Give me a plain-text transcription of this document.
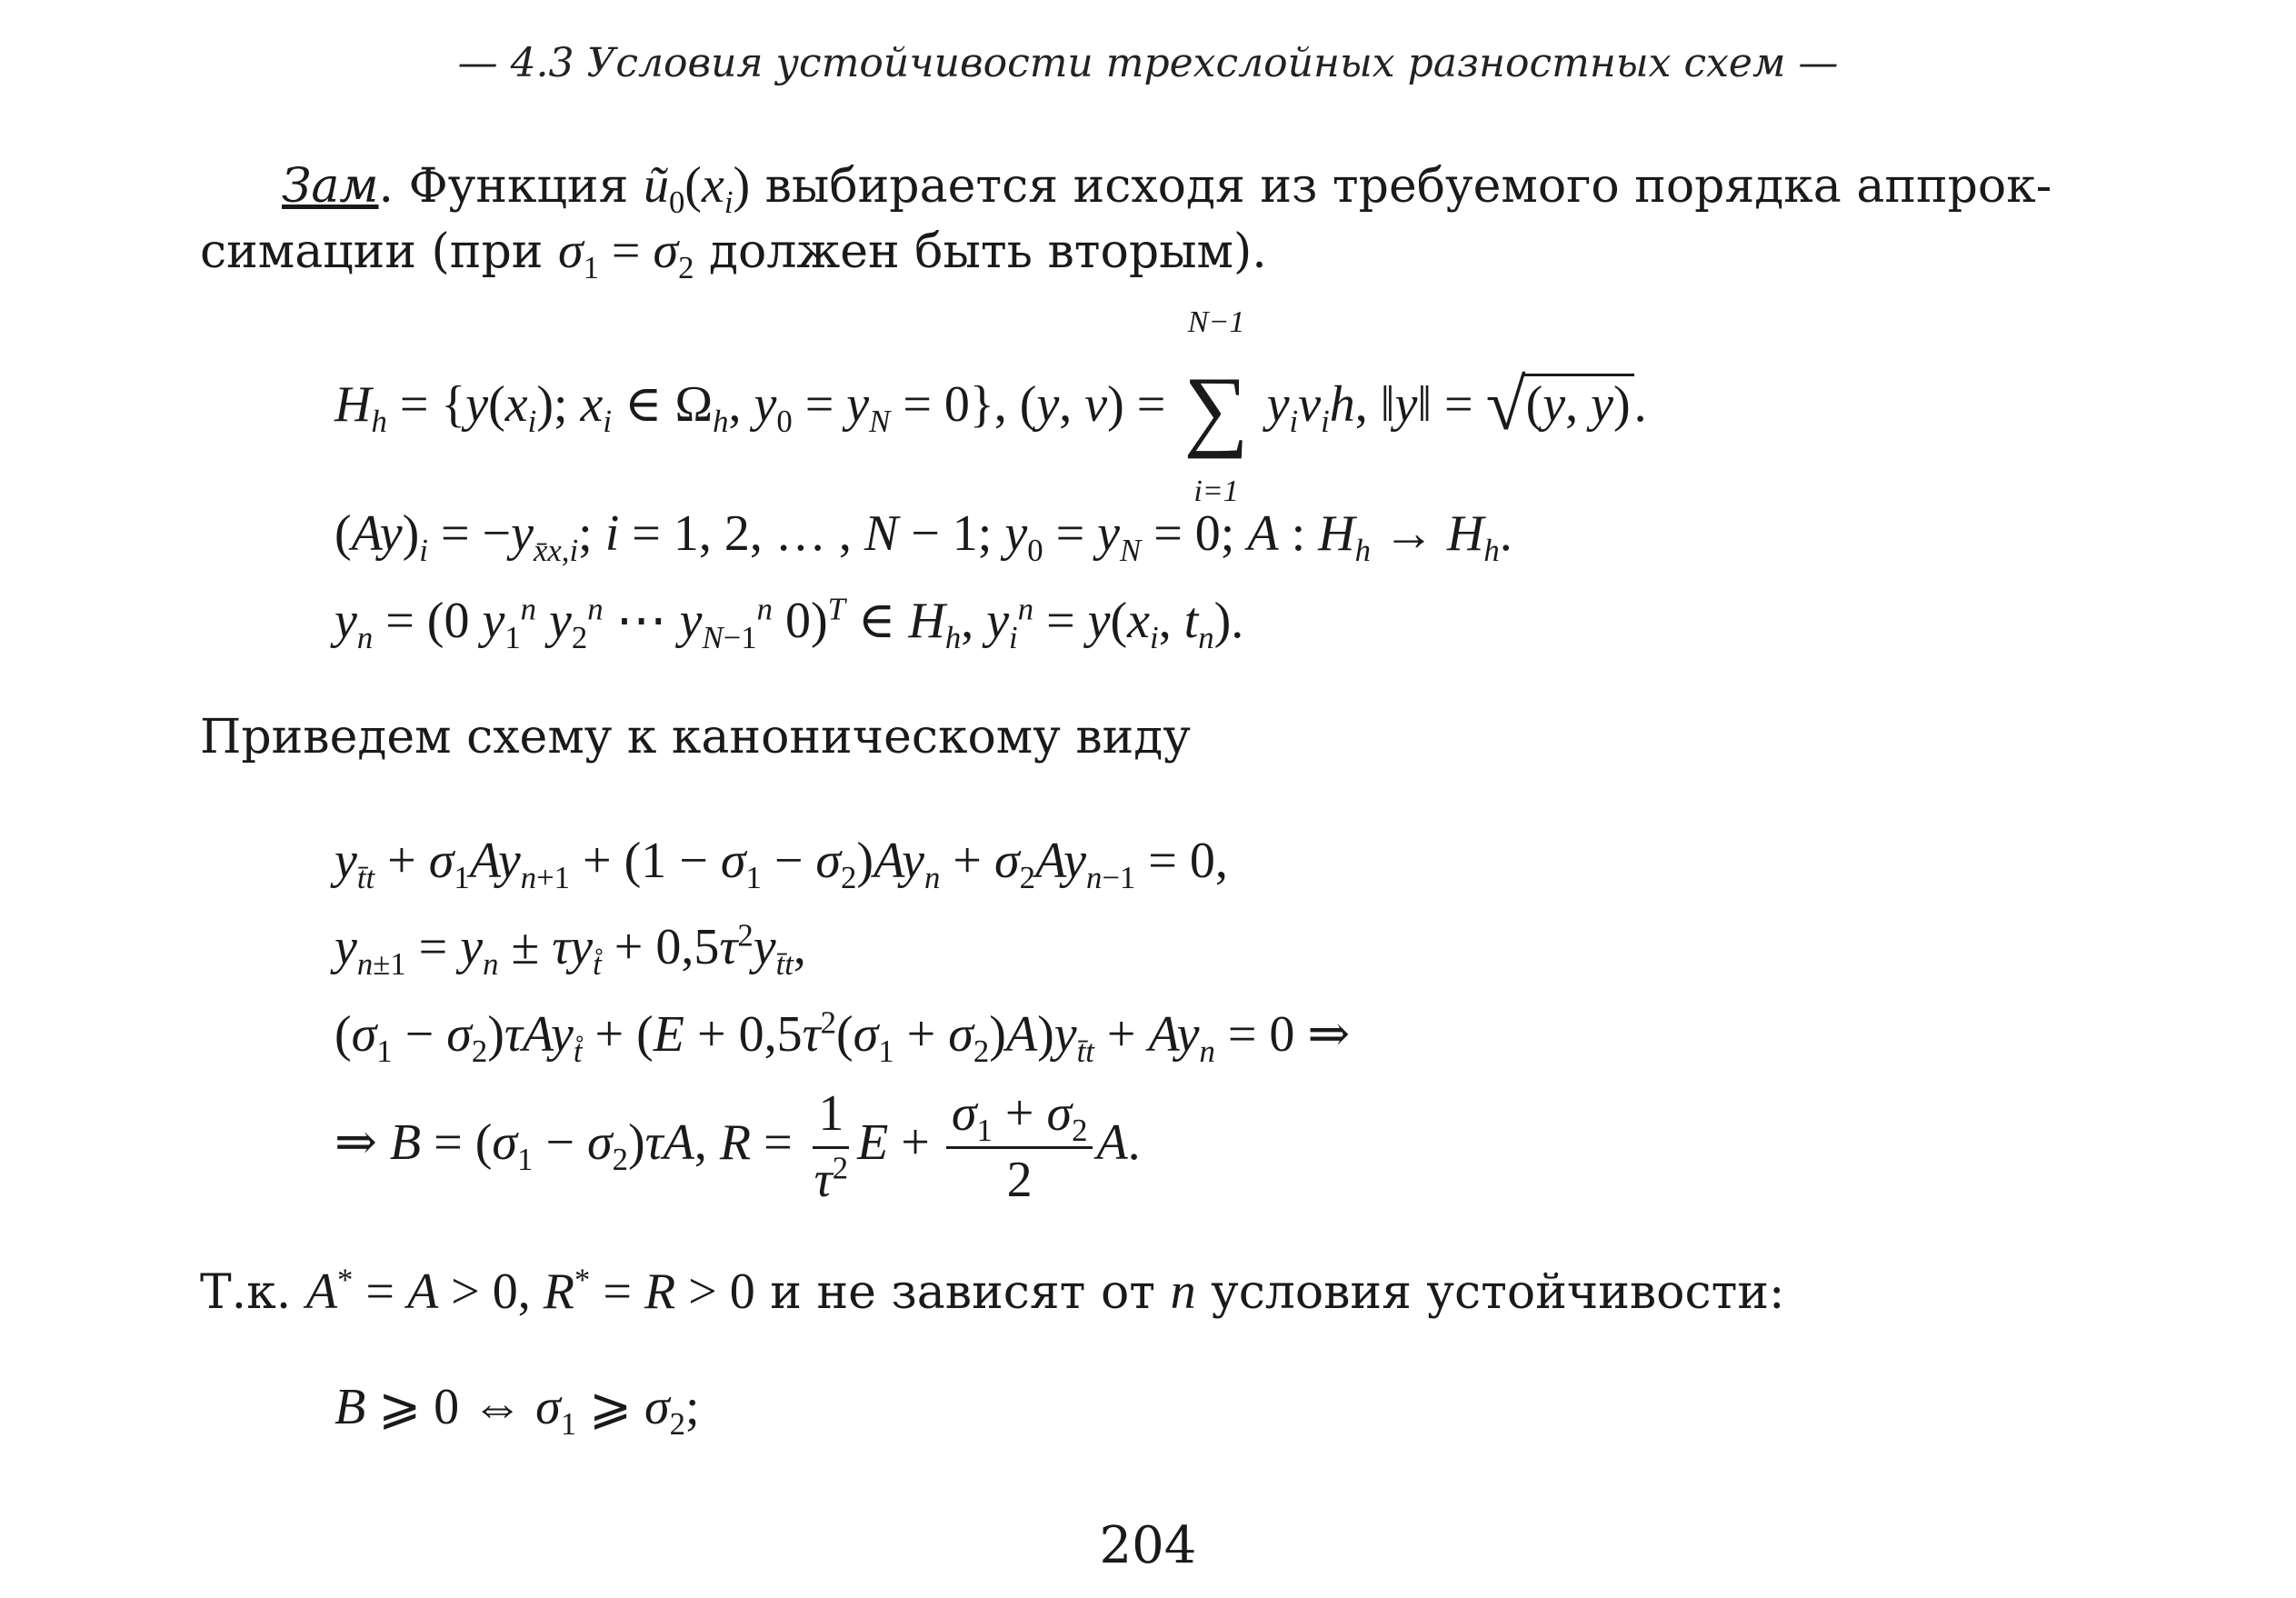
— 4.3 Условия устойчивости трехслойных разностных схем —
Зам. Функция $ũ_0(x_i)$ выбирается исходя из требуемого порядка аппрок-
симации (при $\sigma_1 = \sigma_2$ должен быть вторым).
$H_h = \{y(x_i)$; $x_i$ ∈ $\Omega_h$, $y_0 = y_N = 0$}, (y, v) = ∑
N−1
i=1
$y_iv_ih$, ‖y‖ = √ (y, y).
$(Ay)_i = -y_{x̄x,i}$; i = 1, 2, … , N − 1; $y_0 = y_N = 0$; A : $H_h \to H_h$.
$y_n = (0$ $y_1^n$ $y_2^n$ ⋯ $y_{N-1}^n$ 0)$^T$ ∈ $H_h$, $y_i^n = y(x_i$, $t_n$).
Приведем схему к каноническому виду
$y_{t̄t} + \sigma_1Ay_{n+1} + (1 - \sigma_1 - \sigma_2)Ay_n + \sigma_2Ay_{n-1} = 0$,
$y_{n\pm 1} = y_n \pm \tau y_{t̊} + 0,5\tau^2y_{t̄t}$,
$(\sigma_1 - \sigma_2)\tau Ay_{t̊} + (E + 0,5\tau^2(\sigma_1 + \sigma_2)A)y_{t̄t} + Ay_n = 0$ ⇒
⇒ $B = (\sigma_1 - \sigma_2)\tau A$, $R = \frac{1}{\tau^2}$ $E + \frac{\sigma_1 + \sigma_2}{2} A$.
Т.к. A* = A > 0, R* = R > 0 и не зависят от n условия устойчивости:
B ⩾ 0 ⇔ $\sigma_1$ ⩾ $\sigma_2$;
204
